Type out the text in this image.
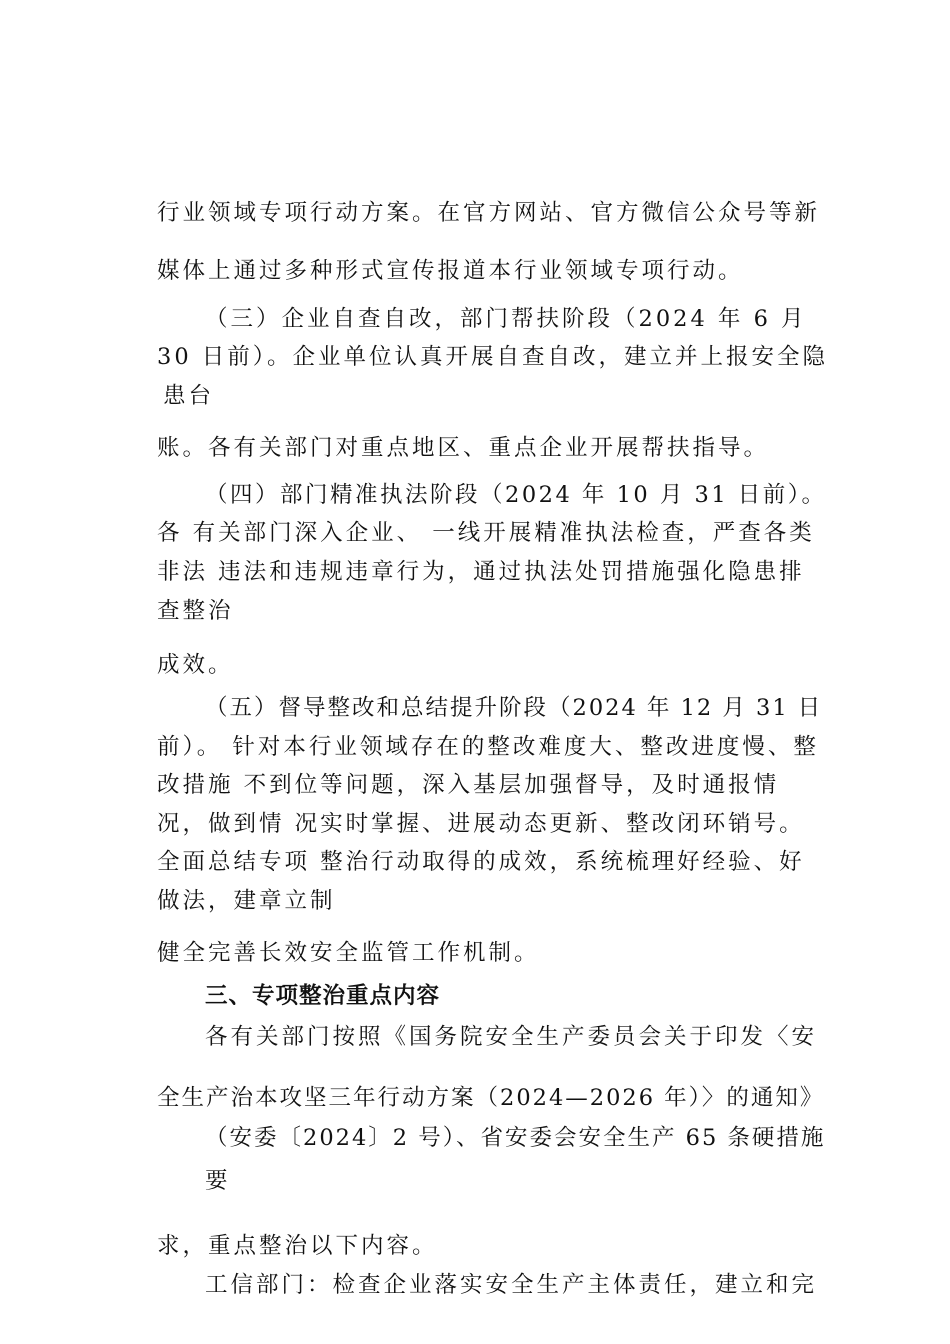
行业领域专项行动方案。在官方网站、官方微信公众号等新
媒体上通过多种形式宣传报道本行业领域专项行动。
（三）企业自查自改，部门帮扶阶段（2024 年 6 月
30 日前）。企业单位认真开展自查自改，建立并上报安全隐
患台
账。各有关部门对重点地区、重点企业开展帮扶指导。
（四）部门精准执法阶段（2024 年 10 月 31 日前）。
各 有关部门深入企业、 一线开展精准执法检查，严查各类
非法 违法和违规违章行为，通过执法处罚措施强化隐患排
查整治
成效。
（五）督导整改和总结提升阶段（2024 年 12 月 31 日
前）。 针对本行业领域存在的整改难度大、整改进度慢、整
改措施 不到位等问题，深入基层加强督导，及时通报情
况，做到情 况实时掌握、进展动态更新、整改闭环销号。
全面总结专项 整治行动取得的成效，系统梳理好经验、好
做法，建章立制
健全完善长效安全监管工作机制。
三、专项整治重点内容
各有关部门按照《国务院安全生产委员会关于印发〈安
全生产治本攻坚三年行动方案（2024—2026 年）〉的通知》
（安委〔2024〕2 号）、省安委会安全生产 65 条硬措施
要
求，重点整治以下内容。
工信部门：检查企业落实安全生产主体责任，建立和完
